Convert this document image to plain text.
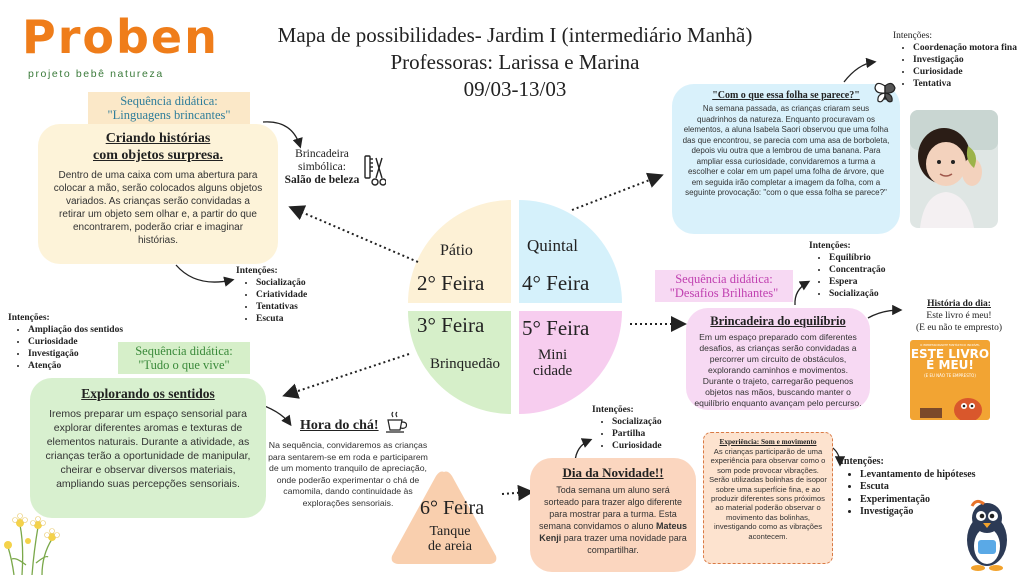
Proben
projeto bebê natureza
Mapa de possibilidades- Jardim I (intermediário Manhã)
Professoras: Larissa e Marina
09/03-13/03
Pátio
2° Feira
Quintal
4° Feira
3° Feira
Brinquedão
5° Feira
Mini
cidade
6° Feira
Tanque
de areia
Sequência didática:
"Linguagens brincantes"
Criando histórias
com objetos surpresa.
Dentro de uma caixa com uma abertura para colocar a mão, serão colocados alguns objetos variados. As crianças serão convidadas a retirar um objeto sem olhar e, a partir do que encontrarem, poderão criar e imaginar histórias.
Brincadeira
simbólica:
Salão de beleza
Intenções:
• Socialização
• Criatividade
• Tentativas
• Escuta
Intenções:
• Ampliação dos sentidos
• Curiosidade
• Investigação
• Atenção
Sequência didática:
"Tudo o que vive"
Explorando os sentidos
Iremos preparar um espaço sensorial para explorar diferentes aromas e texturas de elementos naturais. Durante a atividade, as crianças terão a oportunidade de manipular, cheirar e observar diversos materiais, ampliando suas percepções sensoriais.
Hora do chá!
Na sequência, convidaremos as crianças para sentarem-se em roda e participarem de um momento tranquilo de apreciação, onde poderão experimentar o chá de camomila, dando continuidade às explorações sensoriais.
"Com o que essa folha se parece?"
Na semana passada, as crianças criaram seus quadrinhos da natureza. Enquanto procuravam os elementos, a aluna Isabela Saori observou que uma folha das que encontrou, se parecia com uma asa de borboleta, depois viu outra que a lembrou de uma banana. Para ampliar essa curiosidade, convidaremos a turma a escolher e colar em um papel uma folha de árvore, que em seguida irão completar a imagem da folha, com a seguinte provocação: "com o que essa folha se parece?"
Intenções:
• Coordenação motora fina
• Investigação
• Curiosidade
• Tentativa
Intenções:
• Equilíbrio
• Concentração
• Espera
• Socialização
Sequência didática:
"Desafios Brilhantes"
Brincadeira do equilíbrio
Em um espaço preparado com diferentes desafios, as crianças serão convidadas a percorrer um circuito de obstáculos, explorando caminhos e movimentos. Durante o trajeto, carregarão pequenos objetos nas mãos, buscando manter o equilíbrio enquanto avançam pelo percurso.
História do dia:
Este livro é meu!
(E eu não te empresto)
O IMPRESSIONANTE FANTÁSTICO INCRÍVEL
ESTE LIVRO
É MEU!
(E EU NÃO TE EMPRESTO)
Intenções:
• Socialização
• Partilha
• Curiosidade
Dia da Novidade!!
Toda semana um aluno será sorteado para trazer algo diferente para mostrar para a turma. Esta semana convidamos o aluno Mateus Kenji para trazer uma novidade para compartilhar.
Experiência: Som e movimento
As crianças participarão de uma experiência para observar como o som pode provocar vibrações. Serão utilizadas bolinhas de isopor sobre uma superfície fina, e ao produzir diferentes sons próximos ao material poderão observar o movimento das bolinhas, investigando como as vibrações acontecem.
Intenções:
• Levantamento de hipóteses
• Escuta
• Experimentação
• Investigação
